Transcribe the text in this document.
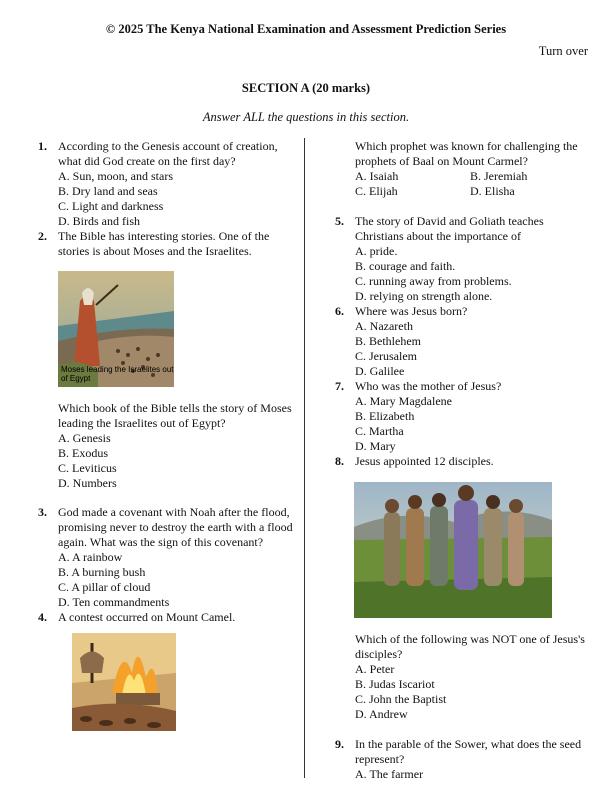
© 2025 The Kenya National Examination and Assessment Prediction Series
Turn over
SECTION A (20 marks)
Answer ALL the questions in this section.
1. According to the Genesis account of creation, what did God create on the first day?
A. Sun, moon, and stars
B. Dry land and seas
C. Light and darkness
D. Birds and fish
2. The Bible has interesting stories. One of the stories is about Moses and the Israelites.
Moses leading the Israelites out of Egypt
Which book of the Bible tells the story of Moses leading the Israelites out of Egypt?
A. Genesis
B. Exodus
C. Leviticus
D. Numbers
3. God made a covenant with Noah after the flood, promising never to destroy the earth with a flood again. What was the sign of this covenant?
A. A rainbow
B. A burning bush
C. A pillar of cloud
D. Ten commandments
4. A contest occurred on Mount Camel.
Which prophet was known for challenging the prophets of Baal on Mount Carmel?
A. Isaiah	B. Jeremiah
C. Elijah	D. Elisha
5. The story of David and Goliath teaches Christians about the importance of
A. pride.
B. courage and faith.
C. running away from problems.
D. relying on strength alone.
6. Where was Jesus born?
A. Nazareth
B. Bethlehem
C. Jerusalem
D. Galilee
7. Who was the mother of Jesus?
A. Mary Magdalene
B. Elizabeth
C. Martha
D. Mary
8. Jesus appointed 12 disciples.
Which of the following was NOT one of Jesus's disciples?
A. Peter
B. Judas Iscariot
C. John the Baptist
D. Andrew
9. In the parable of the Sower, what does the seed represent?
A. The farmer
